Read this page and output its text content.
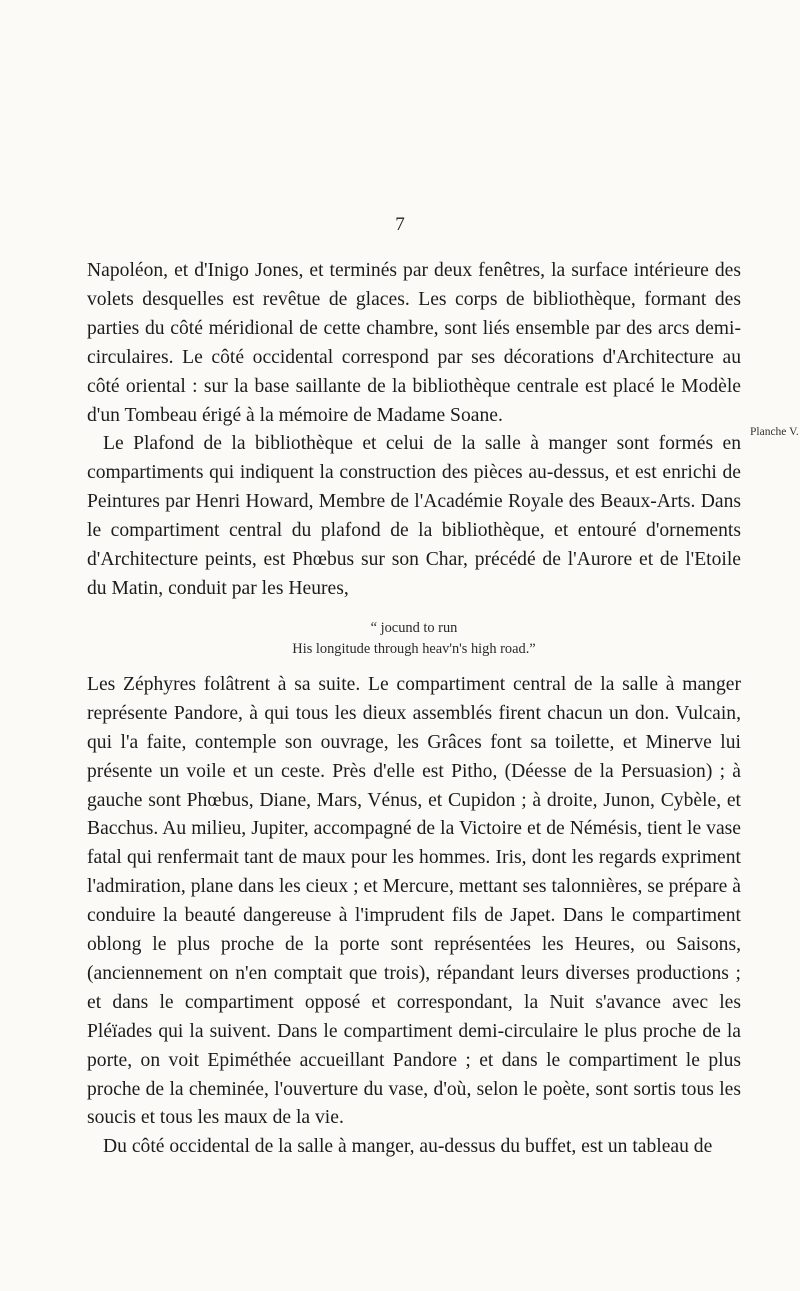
7
Planche V.

Napoléon, et d'Inigo Jones, et terminés par deux fenêtres, la surface intérieure des volets desquelles est revêtue de glaces. Les corps de bibliothèque, formant des parties du côté méridional de cette chambre, sont liés ensemble par des arcs demi-circulaires. Le côté occidental correspond par ses décorations d'Architecture au côté oriental : sur la base saillante de la bibliothèque centrale est placé le Modèle d'un Tombeau érigé à la mémoire de Madame Soane.

Le Plafond de la bibliothèque et celui de la salle à manger sont formés en compartiments qui indiquent la construction des pièces au-dessus, et est enrichi de Peintures par Henri Howard, Membre de l'Académie Royale des Beaux-Arts. Dans le compartiment central du plafond de la bibliothèque, et entouré d'ornements d'Architecture peints, est Phœbus sur son Char, précédé de l'Aurore et de l'Etoile du Matin, conduit par les Heures,

“ jocund to run
His longitude through heav'n's high road.”

Les Zéphyres folâtrent à sa suite. Le compartiment central de la salle à manger représente Pandore, à qui tous les dieux assemblés firent chacun un don. Vulcain, qui l'a faite, contemple son ouvrage, les Grâces font sa toilette, et Minerve lui présente un voile et un ceste. Près d'elle est Pitho, (Déesse de la Persuasion) ; à gauche sont Phœbus, Diane, Mars, Vénus, et Cupidon ; à droite, Junon, Cybèle, et Bacchus. Au milieu, Jupiter, accompagné de la Victoire et de Némésis, tient le vase fatal qui renfermait tant de maux pour les hommes. Iris, dont les regards expriment l'admiration, plane dans les cieux ; et Mercure, mettant ses talonnières, se prépare à conduire la beauté dangereuse à l'imprudent fils de Japet. Dans le compartiment oblong le plus proche de la porte sont représentées les Heures, ou Saisons, (anciennement on n'en comptait que trois), répandant leurs diverses productions ; et dans le compartiment opposé et correspondant, la Nuit s'avance avec les Pléïades qui la suivent. Dans le compartiment demi-circulaire le plus proche de la porte, on voit Epiméthée accueillant Pandore ; et dans le compartiment le plus proche de la cheminée, l'ouverture du vase, d'où, selon le poète, sont sortis tous les soucis et tous les maux de la vie.

Du côté occidental de la salle à manger, au-dessus du buffet, est un tableau de
